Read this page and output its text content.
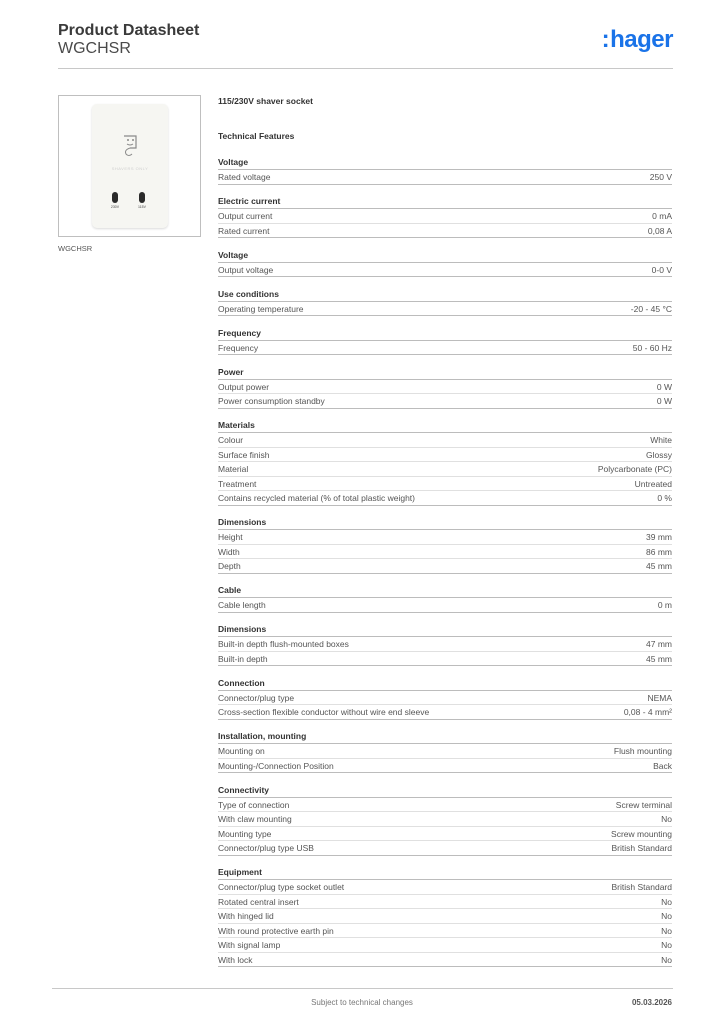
Product Datasheet
WGCHSR	:hager
SHAVERS ONLY
230V	115V
WGCHSR
115/230V shaver socket
Technical Features
Voltage
Rated voltage	250 V
Electric current
Output current	0 mA
Rated current	0,08 A
Voltage
Output voltage	0-0 V
Use conditions
Operating temperature	-20 - 45 °C
Frequency
Frequency	50 - 60 Hz
Power
Output power	0 W
Power consumption standby	0 W
Materials
Colour	White
Surface finish	Glossy
Material	Polycarbonate (PC)
Treatment	Untreated
Contains recycled material (% of total plastic weight)	0 %
Dimensions
Height	39 mm
Width	86 mm
Depth	45 mm
Cable
Cable length	0 m
Dimensions
Built-in depth flush-mounted boxes	47 mm
Built-in depth	45 mm
Connection
Connector/plug type	NEMA
Cross-section flexible conductor without wire end sleeve	0,08 - 4 mm²
Installation, mounting
Mounting on	Flush mounting
Mounting-/Connection Position	Back
Connectivity
Type of connection	Screw terminal
With claw mounting	No
Mounting type	Screw mounting
Connector/plug type USB	British Standard
Equipment
Connector/plug type socket outlet	British Standard
Rotated central insert	No
With hinged lid	No
With round protective earth pin	No
With signal lamp	No
With lock	No
Subject to technical changes	05.03.2026
